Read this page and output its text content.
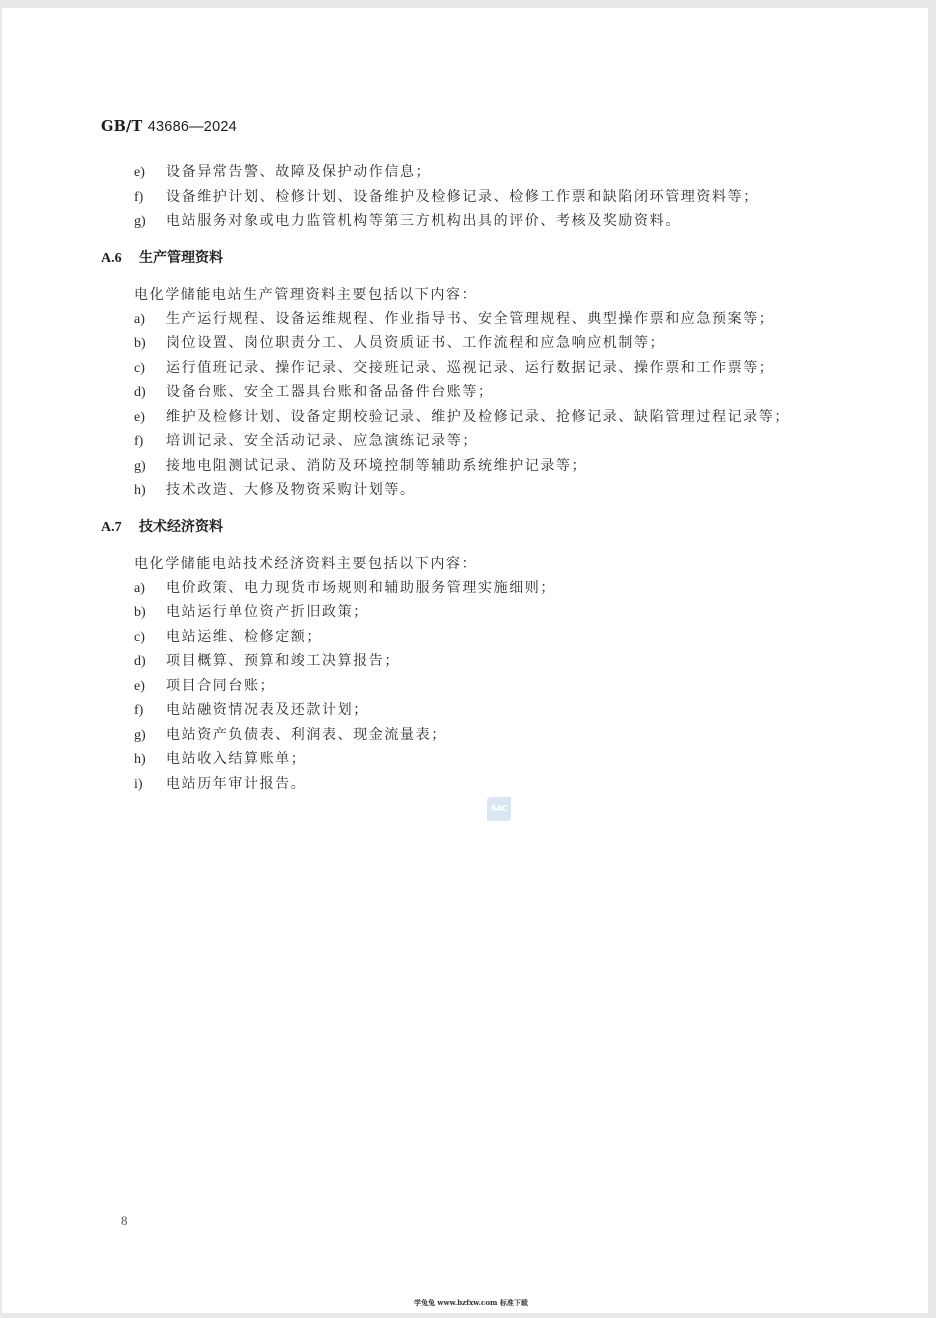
GB/T 43686—2024
e) 设备异常告警、故障及保护动作信息；
f) 设备维护计划、检修计划、设备维护及检修记录、检修工作票和缺陷闭环管理资料等；
g) 电站服务对象或电力监管机构等第三方机构出具的评价、考核及奖励资料。
A.6 生产管理资料
电化学储能电站生产管理资料主要包括以下内容：
a) 生产运行规程、设备运维规程、作业指导书、安全管理规程、典型操作票和应急预案等；
b) 岗位设置、岗位职责分工、人员资质证书、工作流程和应急响应机制等；
c) 运行值班记录、操作记录、交接班记录、巡视记录、运行数据记录、操作票和工作票等；
d) 设备台账、安全工器具台账和备品备件台账等；
e) 维护及检修计划、设备定期校验记录、维护及检修记录、抢修记录、缺陷管理过程记录等；
f) 培训记录、安全活动记录、应急演练记录等；
g) 接地电阻测试记录、消防及环境控制等辅助系统维护记录等；
h) 技术改造、大修及物资采购计划等。
A.7 技术经济资料
电化学储能电站技术经济资料主要包括以下内容：
a) 电价政策、电力现货市场规则和辅助服务管理实施细则；
b) 电站运行单位资产折旧政策；
c) 电站运维、检修定额；
d) 项目概算、预算和竣工决算报告；
e) 项目合同台账；
f) 电站融资情况表及还款计划；
g) 电站资产负债表、利润表、现金流量表；
h) 电站收入结算账单；
i) 电站历年审计报告。
SAC
8
学兔兔 www.bzfxw.com 标准下载
